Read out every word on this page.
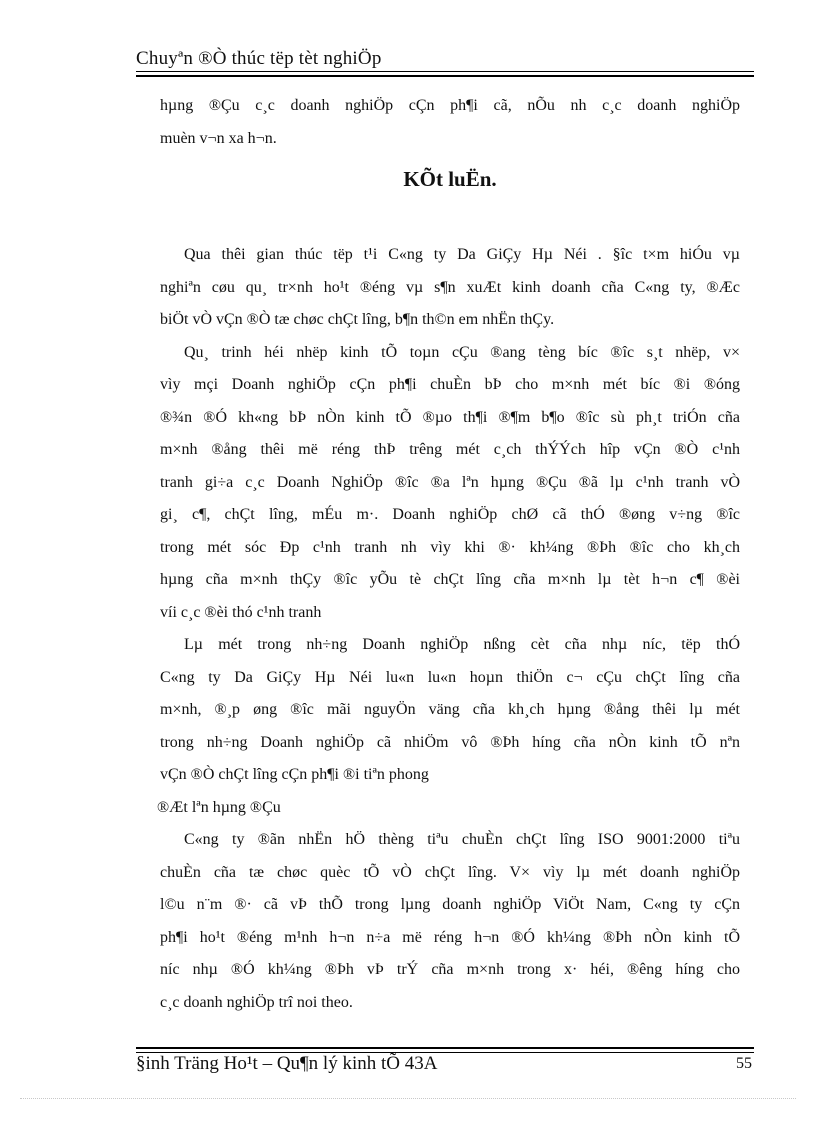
Chuyªn ®Ò thúc tëp tèt nghiÖp
hµng ®Çu c¸c doanh nghiÖp cÇn ph¶i cã, nÕu nh c¸c doanh nghiÖp
muèn v¬n xa h¬n.
KÕt luËn.
Qua thêi gian thúc tëp t¹i C«ng ty Da GiÇy Hµ Néi . §îc t×m hiÓu vµ
nghiªn cøu qu¸ tr×nh ho¹t ®éng vµ s¶n xuÆt kinh doanh cña C«ng ty, ®Æc
biÖt vÒ vÇn ®Ò tæ chøc chÇt lîng, b¶n th©n em nhËn thÇy.
Qu¸ trinh héi nhëp kinh tÕ toµn cÇu ®ang tèng bíc ®îc s¸t nhëp, v×
vìy mçi Doanh nghiÖp cÇn ph¶i chuÈn bÞ cho m×nh mét bíc ®i ®óng
®¾n ®Ó kh«ng bÞ nÒn kinh tÕ ®µo th¶i ®¶m b¶o ®îc sù ph¸t triÓn cña
m×nh ®ång thêi më réng thÞ trêng mét c¸ch thÝÝch hîp vÇn ®Ò c¹nh
tranh gi÷a c¸c Doanh NghiÖp ®îc ®a lªn hµng ®Çu ®ã lµ c¹nh tranh vÒ
gi¸ c¶, chÇt lîng, mÉu m·. Doanh nghiÖp chØ cã thÓ ®øng v÷ng ®îc
trong mét sóc Ðp c¹nh tranh nh vìy khi ®· kh¼ng ®Þh ®îc cho kh¸ch
hµng cña m×nh thÇy ®îc yÕu tè chÇt lîng cña m×nh lµ tèt h¬n c¶ ®èi
víi c¸c ®èi thó c¹nh tranh
Lµ mét trong nh÷ng Doanh nghiÖp nßng cèt cña nhµ níc, tëp thÓ
C«ng ty Da GiÇy Hµ Néi lu«n lu«n hoµn thiÖn c¬ cÇu chÇt lîng cña
m×nh, ®¸p øng ®îc mãi nguyÖn väng cña kh¸ch hµng ®ång thêi lµ mét
trong nh÷ng Doanh nghiÖp cã nhiÖm vô ®Þh híng cña nÒn kinh tÕ nªn
vÇn ®Ò chÇt lîng cÇn ph¶i ®i tiªn phong
®Æt lªn hµng ®Çu
C«ng ty ®ãn nhËn hÖ thèng tiªu chuÈn chÇt lîng ISO 9001:2000 tiªu
chuÈn cña tæ chøc quèc tÕ vÒ chÇt lîng. V× vìy lµ mét doanh nghiÖp
l©u n¨m ®· cã vÞ thÕ trong lµng doanh nghiÖp ViÖt Nam, C«ng ty cÇn
ph¶i ho¹t ®éng m¹nh h¬n n÷a më réng h¬n ®Ó kh¼ng ®Þh nÒn kinh tÕ
níc nhµ ®Ó kh¼ng ®Þh vÞ trÝ cña m×nh trong x· héi, ®êng híng cho
c¸c doanh nghiÖp trî noi theo.
§inh Träng Ho¹t – Qu¶n lý kinh tÕ 43A	55
